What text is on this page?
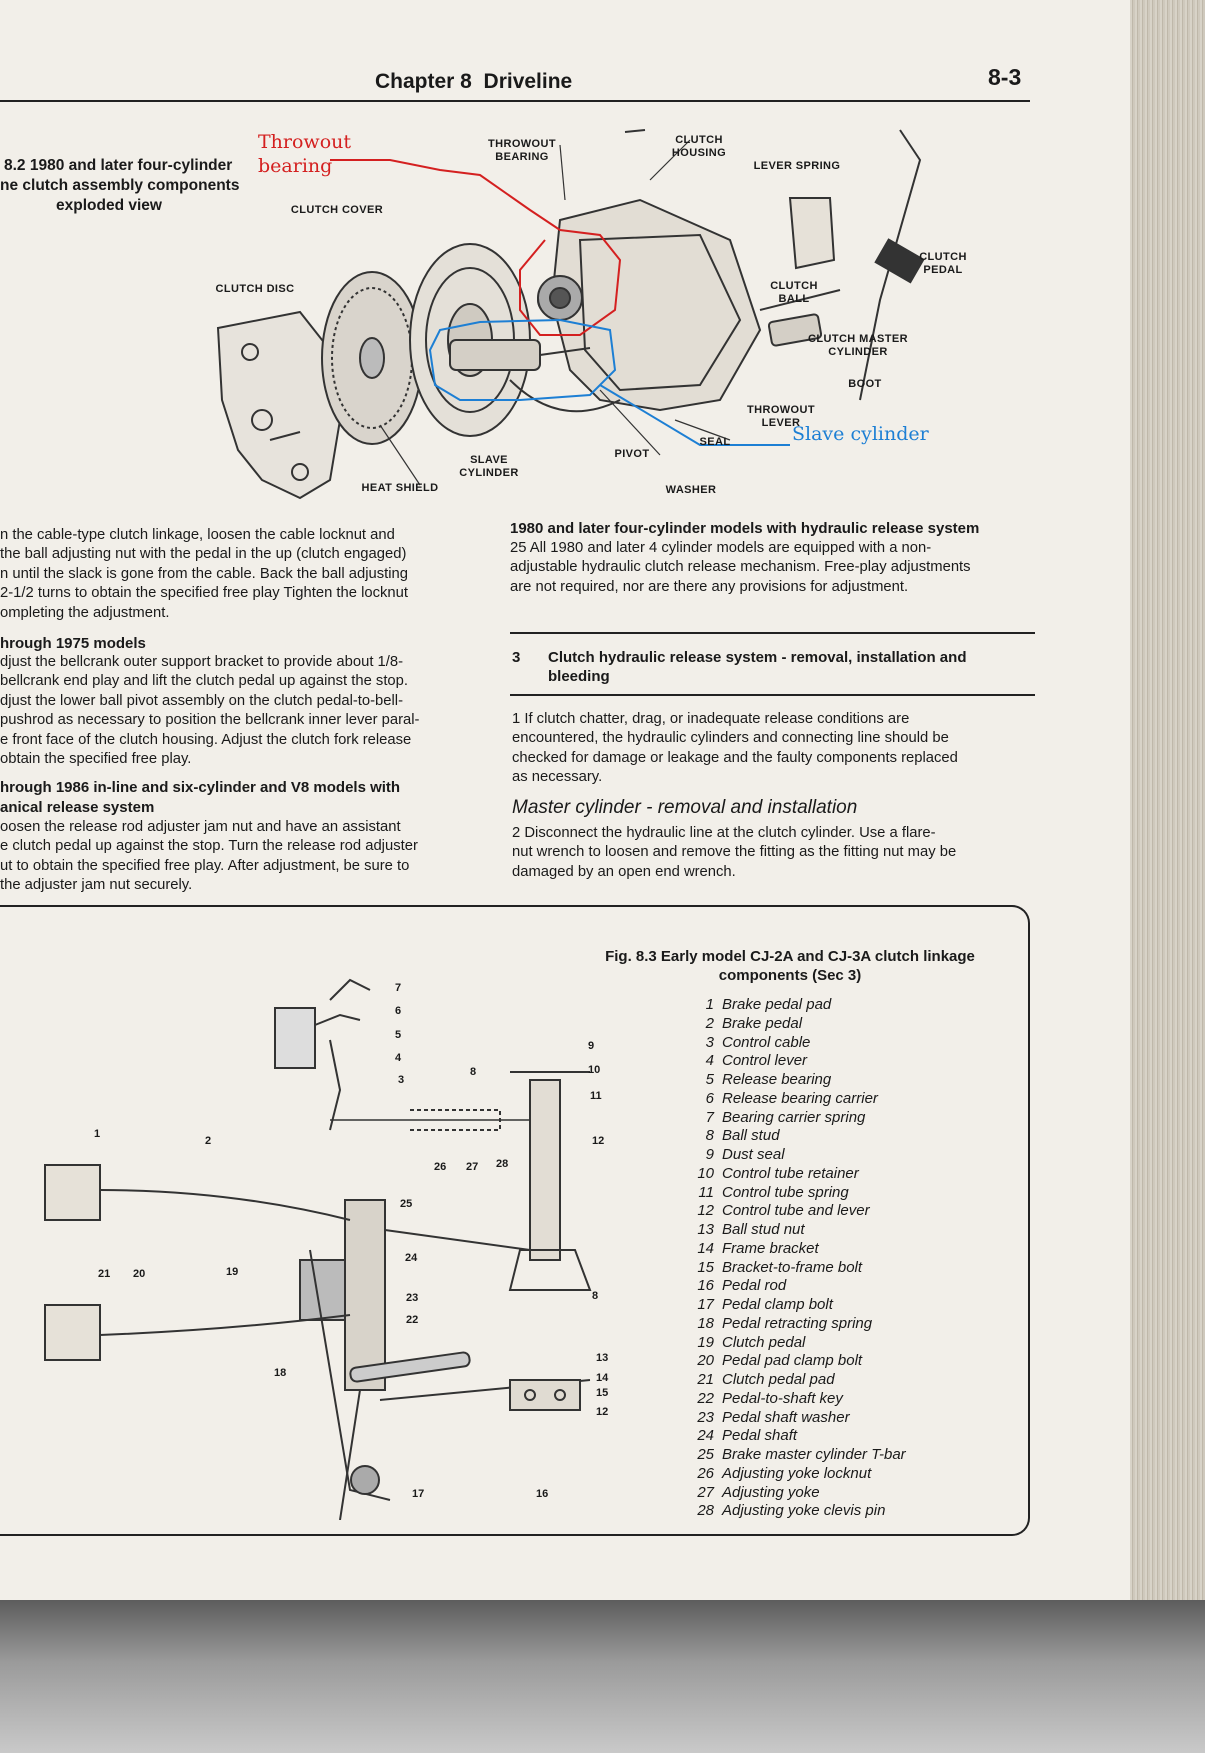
Chapter 8 Driveline	8-3
8.2 1980 and later four-cylinder
ne clutch assembly components
exploded view
THROWOUT BEARING
CLUTCH HOUSING
LEVER SPRING
CLUTCH COVER
CLUTCH DISC
CLUTCH PEDAL
CLUTCH BALL
CLUTCH MASTER CYLINDER
BOOT
THROWOUT LEVER
SEAL
PIVOT
SLAVE CYLINDER
HEAT SHIELD	WASHER
Throwout bearing
Slave cylinder
n the cable-type clutch linkage, loosen the cable locknut and
the ball adjusting nut with the pedal in the up (clutch engaged)
n until the slack is gone from the cable. Back the ball adjusting
2-1/2 turns to obtain the specified free play Tighten the locknut
ompleting the adjustment.
hrough 1975 models
djust the bellcrank outer support bracket to provide about 1/8-
bellcrank end play and lift the clutch pedal up against the stop.
djust the lower ball pivot assembly on the clutch pedal-to-bell-
pushrod as necessary to position the bellcrank inner lever paral-
e front face of the clutch housing. Adjust the clutch fork release
obtain the specified free play.
hrough 1986 in-line and six-cylinder and V8 models with
anical release system
oosen the release rod adjuster jam nut and have an assistant
e clutch pedal up against the stop. Turn the release rod adjuster
ut to obtain the specified free play. After adjustment, be sure to
the adjuster jam nut securely.
1980 and later four-cylinder models with hydraulic release system
25 All 1980 and later 4 cylinder models are equipped with a non-
adjustable hydraulic clutch release mechanism. Free-play adjustments
are not required, nor are there any provisions for adjustment.
3 Clutch hydraulic release system - removal, installation and
bleeding
1 If clutch chatter, drag, or inadequate release conditions are
encountered, the hydraulic cylinders and connecting line should be
checked for damage or leakage and the faulty components replaced
as necessary.
Master cylinder - removal and installation
2 Disconnect the hydraulic line at the clutch cylinder. Use a flare-
nut wrench to loosen and remove the fitting as the fitting nut may be
damaged by an open end wrench.
Fig. 8.3 Early model CJ-2A and CJ-3A clutch linkage
components (Sec 3)
7
6
5
4
3
8
9
10
11
12
2
26 27 28
1
25
24
21 20	19
23
22
8
13
14
15
12
18
16
17
1 Brake pedal pad
2 Brake pedal
3 Control cable
4 Control lever
5 Release bearing
6 Release bearing carrier
7 Bearing carrier spring
8 Ball stud
9 Dust seal
10 Control tube retainer
11 Control tube spring
12 Control tube and lever
13 Ball stud nut
14 Frame bracket
15 Bracket-to-frame bolt
16 Pedal rod
17 Pedal clamp bolt
18 Pedal retracting spring
19 Clutch pedal
20 Pedal pad clamp bolt
21 Clutch pedal pad
22 Pedal-to-shaft key
23 Pedal shaft washer
24 Pedal shaft
25 Brake master cylinder T-bar
26 Adjusting yoke locknut
27 Adjusting yoke
28 Adjusting yoke clevis pin
